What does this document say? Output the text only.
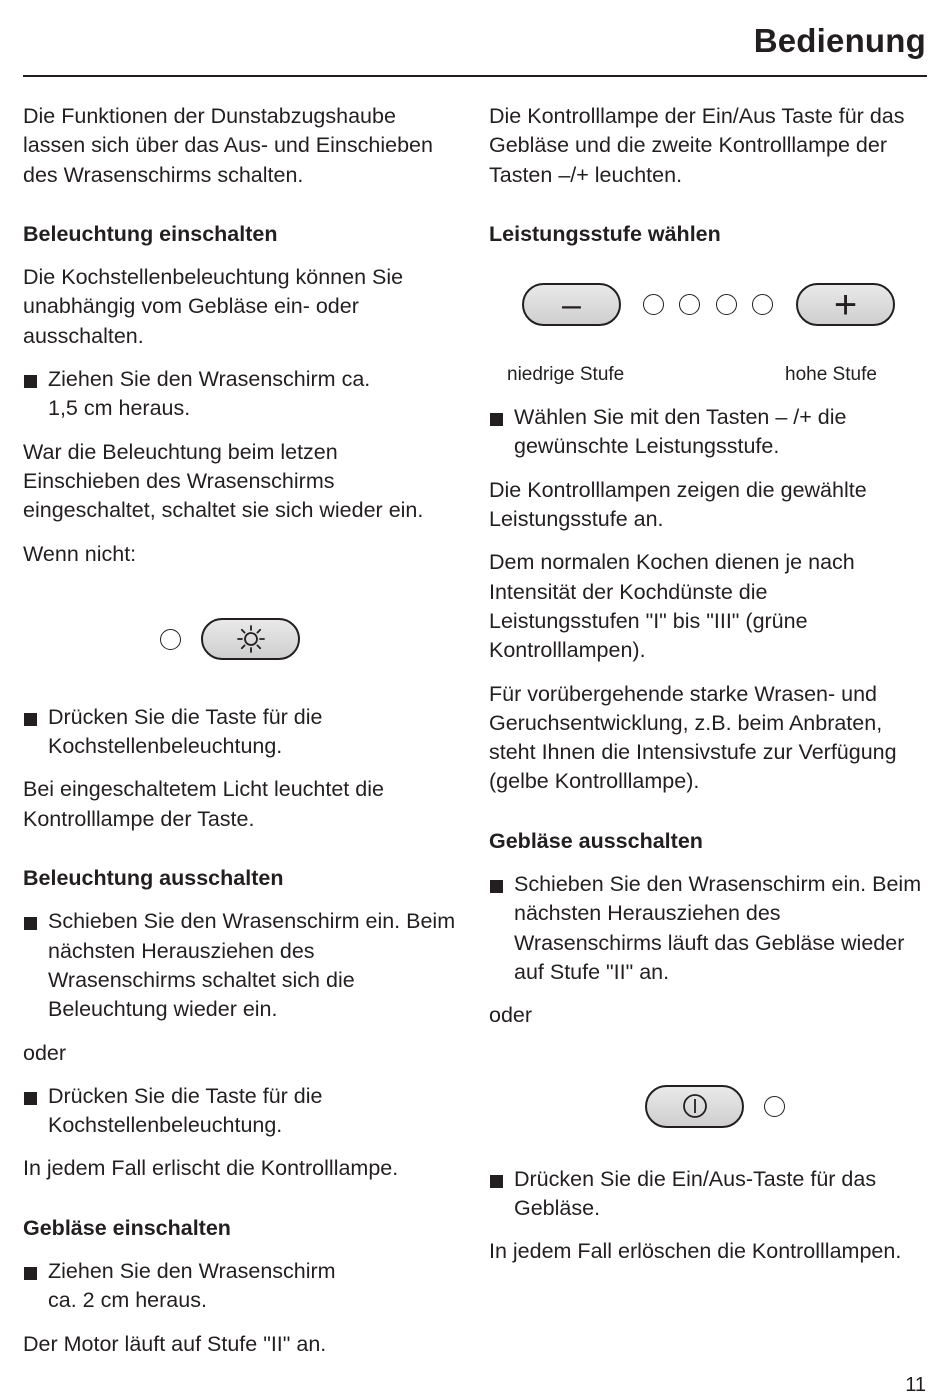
Bedienung

Die Funktionen der Dunstabzugshaube lassen sich über das Aus- und Einschieben des Wrasenschirms schalten.

Beleuchtung einschalten

Die Kochstellenbeleuchtung können Sie unabhängig vom Gebläse ein- oder ausschalten.

Ziehen Sie den Wrasenschirm ca.
1,5 cm heraus.

War die Beleuchtung beim letzen Einschieben des Wrasenschirms eingeschaltet, schaltet sie sich wieder ein.

Wenn nicht:

Drücken Sie die Taste für die Kochstellenbeleuchtung.

Bei eingeschaltetem Licht leuchtet die Kontrolllampe der Taste.

Beleuchtung ausschalten
Schieben Sie den Wrasenschirm ein. Beim nächsten Herausziehen des Wrasenschirms schaltet sich die Beleuchtung wieder ein.

oder

Drücken Sie die Taste für die Kochstellenbeleuchtung.

In jedem Fall erlischt die Kontrolllampe.

Gebläse einschalten
Ziehen Sie den Wrasenschirm
ca. 2 cm heraus.

Der Motor läuft auf Stufe "II" an.

Die Kontrolllampe der Ein/Aus Taste für das Gebläse und die zweite Kontrolllampe der Tasten –/+ leuchten.

Leistungsstufe wählen
–	+
niedrige Stufe	hohe Stufe
Wählen Sie mit den Tasten – /+ die gewünschte Leistungsstufe.

Die Kontrolllampen zeigen die gewählte Leistungsstufe an.

Dem normalen Kochen dienen je nach Intensität der Kochdünste die Leistungsstufen "I" bis "III" (grüne Kontrolllampen).

Für vorübergehende starke Wrasen- und Geruchsentwicklung, z.B. beim Anbraten, steht Ihnen die Intensivstufe zur Verfügung (gelbe Kontrolllampe).

Gebläse ausschalten
Schieben Sie den Wrasenschirm ein. Beim nächsten Herausziehen des Wrasenschirms läuft das Gebläse wieder auf Stufe "II" an.

oder

Drücken Sie die Ein/Aus-Taste für das Gebläse.

In jedem Fall erlöschen die Kontrolllampen.

11
